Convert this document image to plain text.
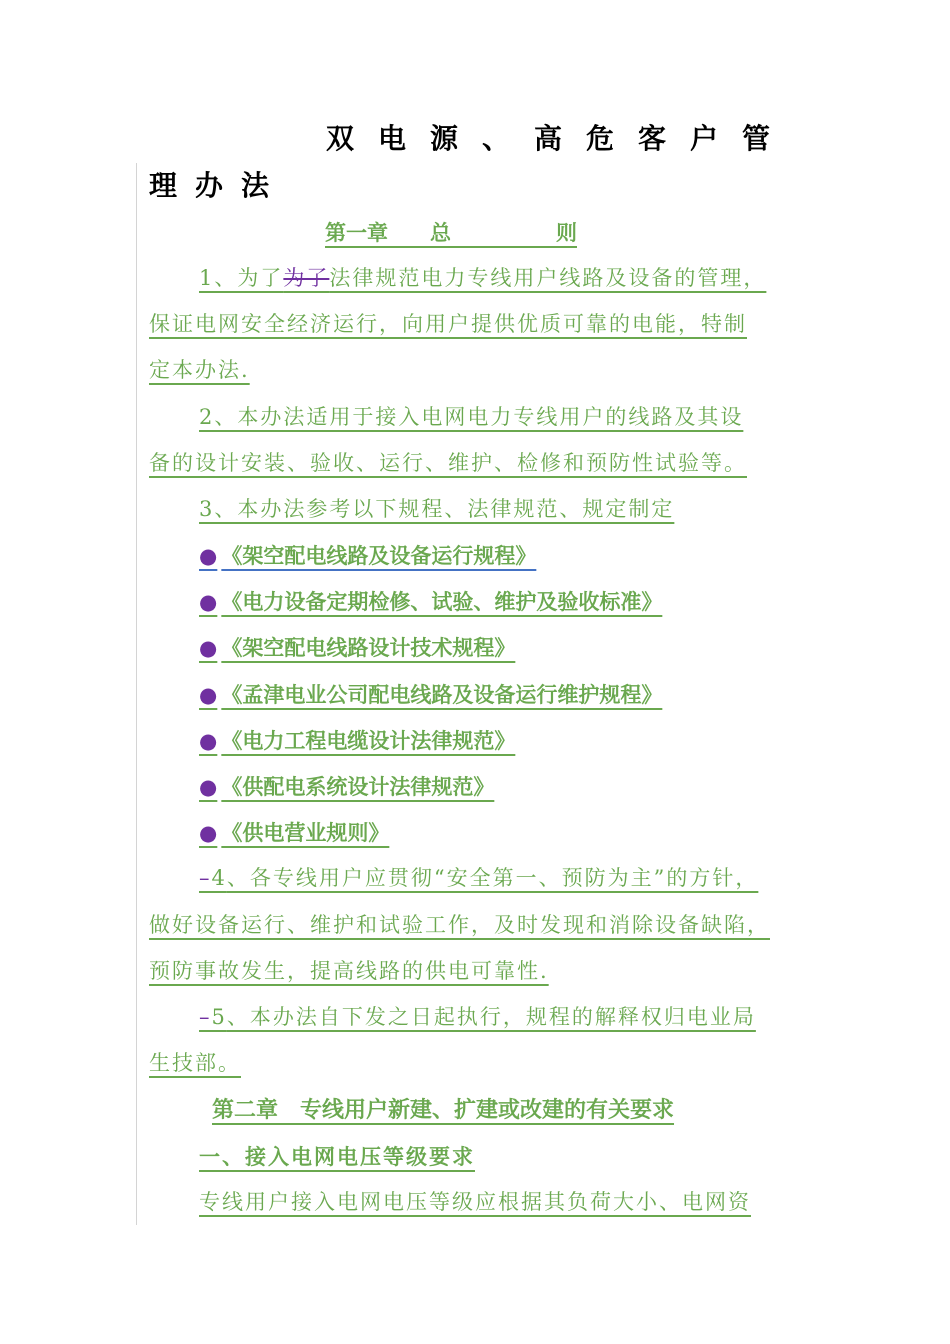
双电源、高危客户管
理办法
第一章　　总　　　　　则
1、为了为了法律规范电力专线用户线路及设备的管理，
保证电网安全经济运行，向用户提供优质可靠的电能，特制
定本办法.
2、本办法适用于接入电网电力专线用户的线路及其设
备的设计安装、验收、运行、维护、检修和预防性试验等。
3、本办法参考以下规程、法律规范、规定制定
● 《架空配电线路及设备运行规程》
● 《电力设备定期检修、试验、维护及验收标准》
● 《架空配电线路设计技术规程》
● 《孟津电业公司配电线路及设备运行维护规程》
● 《电力工程电缆设计法律规范》
● 《供配电系统设计法律规范》
● 《供电营业规则》
–4、各专线用户应贯彻“安全第一、预防为主”的方针，
做好设备运行、维护和试验工作，及时发现和消除设备缺陷，
预防事故发生，提高线路的供电可靠性.
–5、本办法自下发之日起执行，规程的解释权归电业局
生技部。
第二章　专线用户新建、扩建或改建的有关要求
一、接入电网电压等级要求
专线用户接入电网电压等级应根据其负荷大小、电网资
